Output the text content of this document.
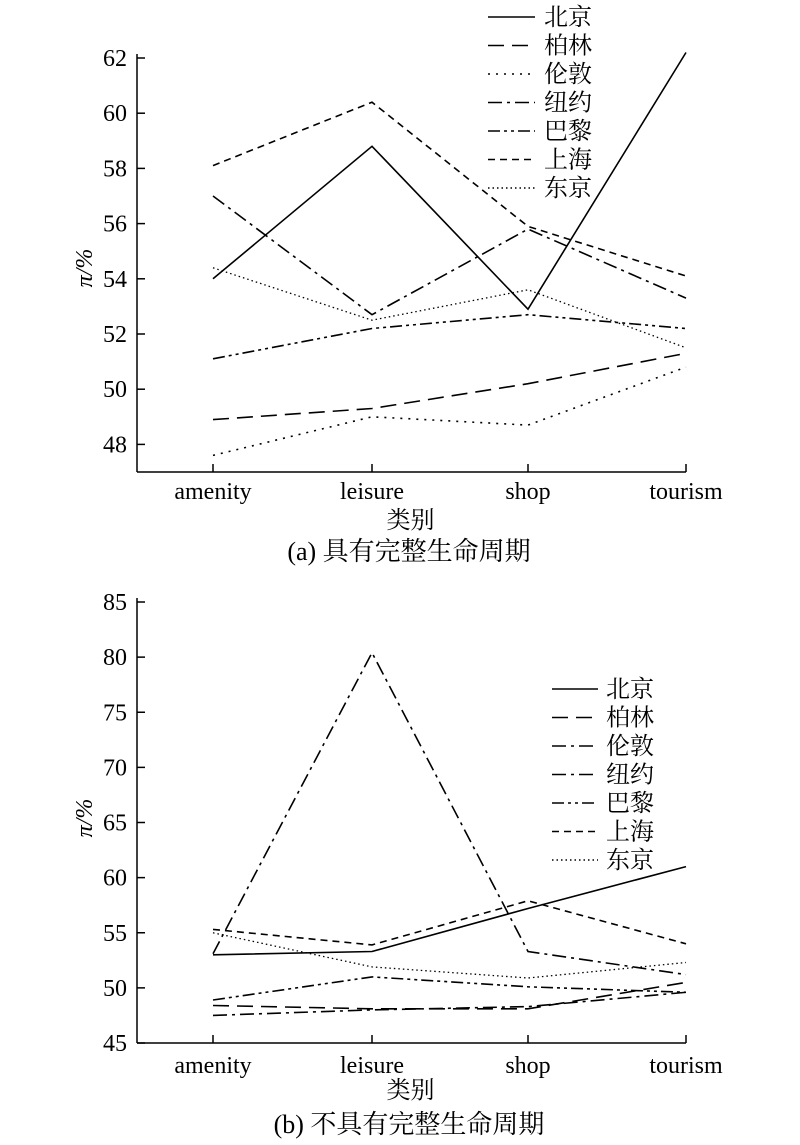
48
50
52
54
56
58
60
62
amenity	leisure	shop	tourism
类别
π/%
北京
柏林
伦敦
纽约
巴黎
上海
东京
(a) 具有完整生命周期
45
50
55
60
65
70
75
80
85
amenity	leisure	shop	tourism
类别
π/%
北京
柏林
伦敦
纽约
巴黎
上海
东京
(b) 不具有完整生命周期
